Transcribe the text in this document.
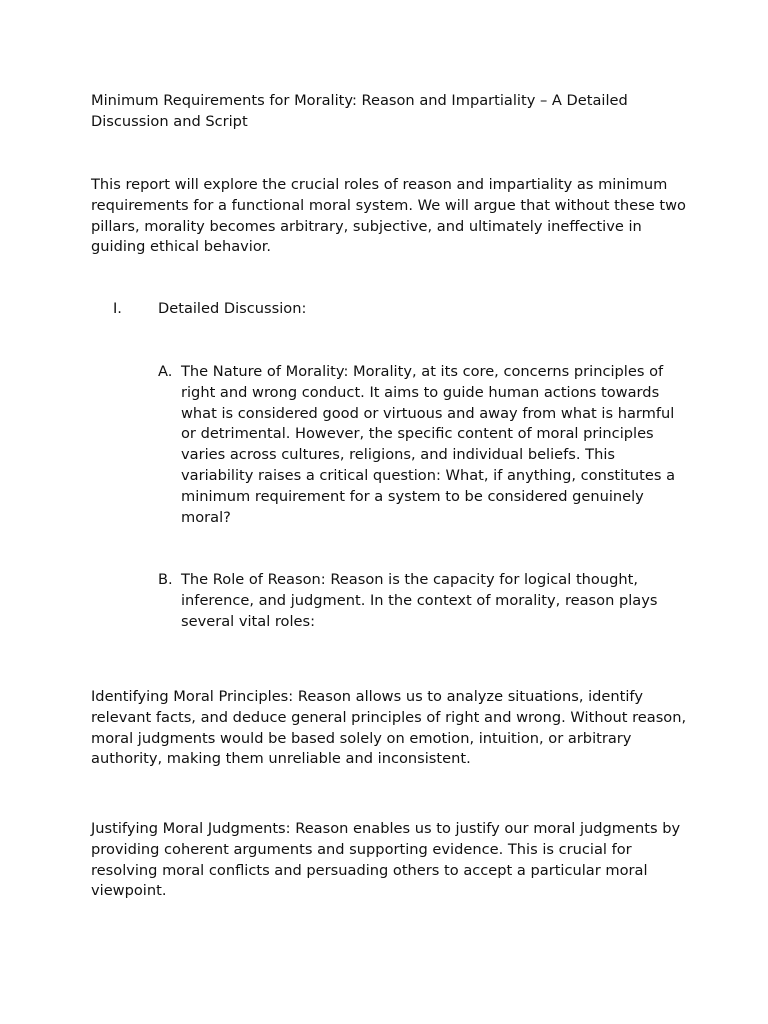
Minimum Requirements for Morality: Reason and Impartiality – A Detailed Discussion and Script

This report will explore the crucial roles of reason and impartiality as minimum requirements for a functional moral system. We will argue that without these two pillars, morality becomes arbitrary, subjective, and ultimately ineffective in guiding ethical behavior.

I. Detailed Discussion:
A. The Nature of Morality: Morality, at its core, concerns principles of right and wrong conduct. It aims to guide human actions towards what is considered good or virtuous and away from what is harmful or detrimental. However, the specific content of moral principles varies across cultures, religions, and individual beliefs. This variability raises a critical question: What, if anything, constitutes a minimum requirement for a system to be considered genuinely moral?
B. The Role of Reason: Reason is the capacity for logical thought, inference, and judgment. In the context of morality, reason plays several vital roles:

Identifying Moral Principles: Reason allows us to analyze situations, identify relevant facts, and deduce general principles of right and wrong. Without reason, moral judgments would be based solely on emotion, intuition, or arbitrary authority, making them unreliable and inconsistent.

Justifying Moral Judgments: Reason enables us to justify our moral judgments by providing coherent arguments and supporting evidence. This is crucial for resolving moral conflicts and persuading others to accept a particular moral viewpoint.
